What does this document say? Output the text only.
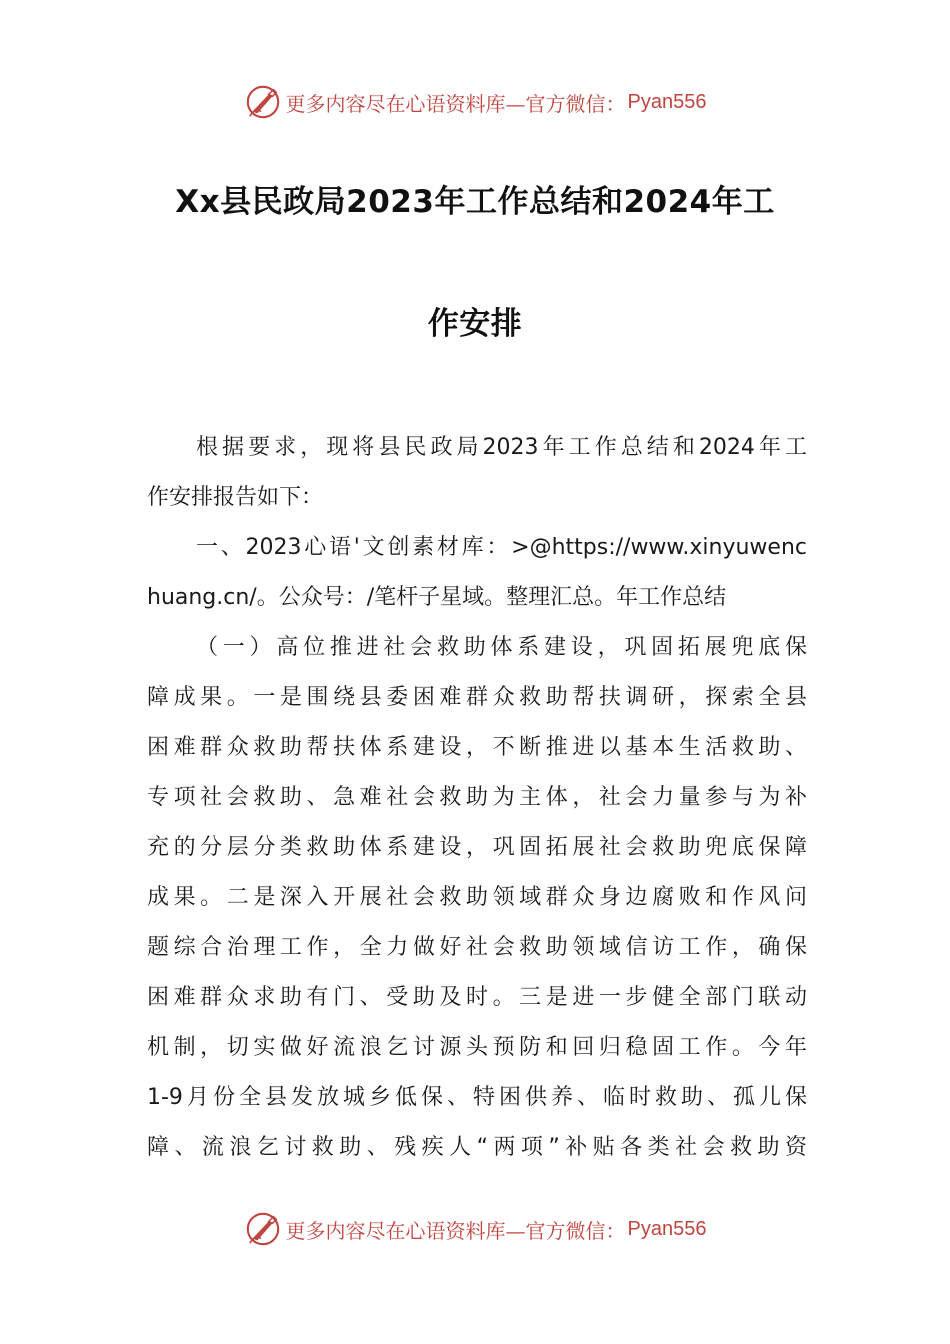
更多内容尽在心语资料库—官方微信： Pyan556
Xx县民政局2023年工作总结和2024年工
作安排
根据要求，现将县民政局2023年工作总结和2024年工
作安排报告如下：
一、2023心语'文创素材库：>@https://www.xinyuwenc
huang.cn/。公众号：/笔杆子星域。整理汇总。年工作总结
（一）高位推进社会救助体系建设，巩固拓展兜底保
障成果。一是围绕县委困难群众救助帮扶调研，探索全县
困难群众救助帮扶体系建设，不断推进以基本生活救助、
专项社会救助、急难社会救助为主体，社会力量参与为补
充的分层分类救助体系建设，巩固拓展社会救助兜底保障
成果。二是深入开展社会救助领域群众身边腐败和作风问
题综合治理工作，全力做好社会救助领域信访工作，确保
困难群众求助有门、受助及时。三是进一步健全部门联动
机制，切实做好流浪乞讨源头预防和回归稳固工作。今年
1-9月份全县发放城乡低保、特困供养、临时救助、孤儿保
障、流浪乞讨救助、残疾人“两项”补贴各类社会救助资
更多内容尽在心语资料库—官方微信： Pyan556
